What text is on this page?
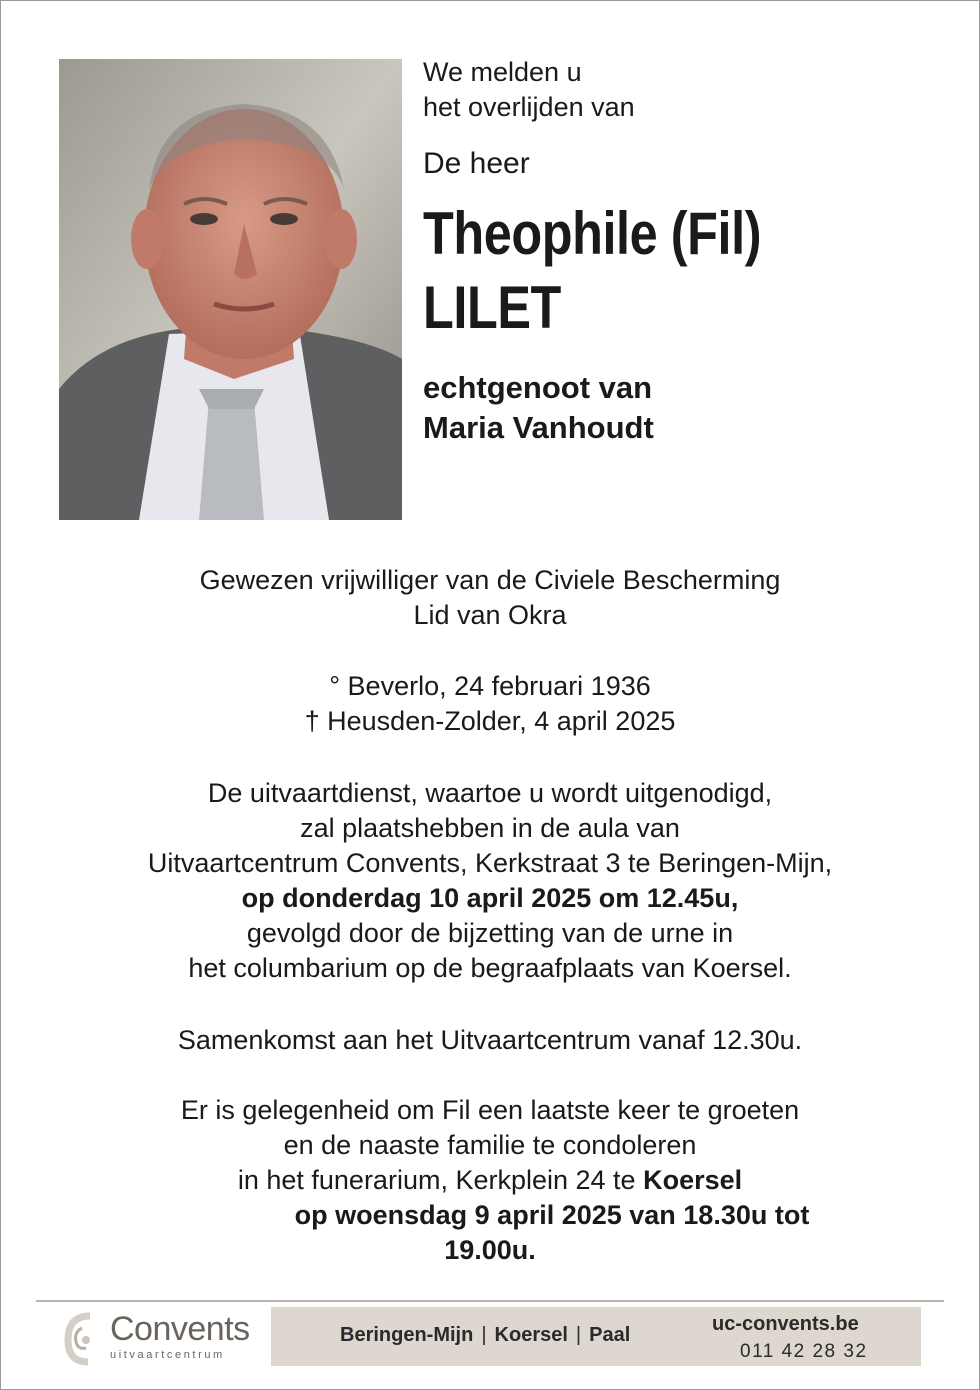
We melden u
het overlijden van
De heer
Theophile (Fil)
LILET
echtgenoot van
Maria Vanhoudt
Gewezen vrijwilliger van de Civiele Bescherming
Lid van Okra
° Beverlo, 24 februari 1936
† Heusden-Zolder, 4 april 2025
De uitvaartdienst, waartoe u wordt uitgenodigd,
zal plaatshebben in de aula van
Uitvaartcentrum Convents, Kerkstraat 3 te Beringen-Mijn,
op donderdag 10 april 2025 om 12.45u,
gevolgd door de bijzetting van de urne in
het columbarium op de begraafplaats van Koersel.
Samenkomst aan het Uitvaartcentrum vanaf 12.30u.
Er is gelegenheid om Fil een laatste keer te groeten
en de naaste familie te condoleren
in het funerarium, Kerkplein 24 te Koersel
op woensdag 9 april 2025 van 18.30u tot
19.00u.
Convents
uitvaartcentrum
Beringen-Mijn | Koersel | Paal	uc-convents.be
011 42 28 32
